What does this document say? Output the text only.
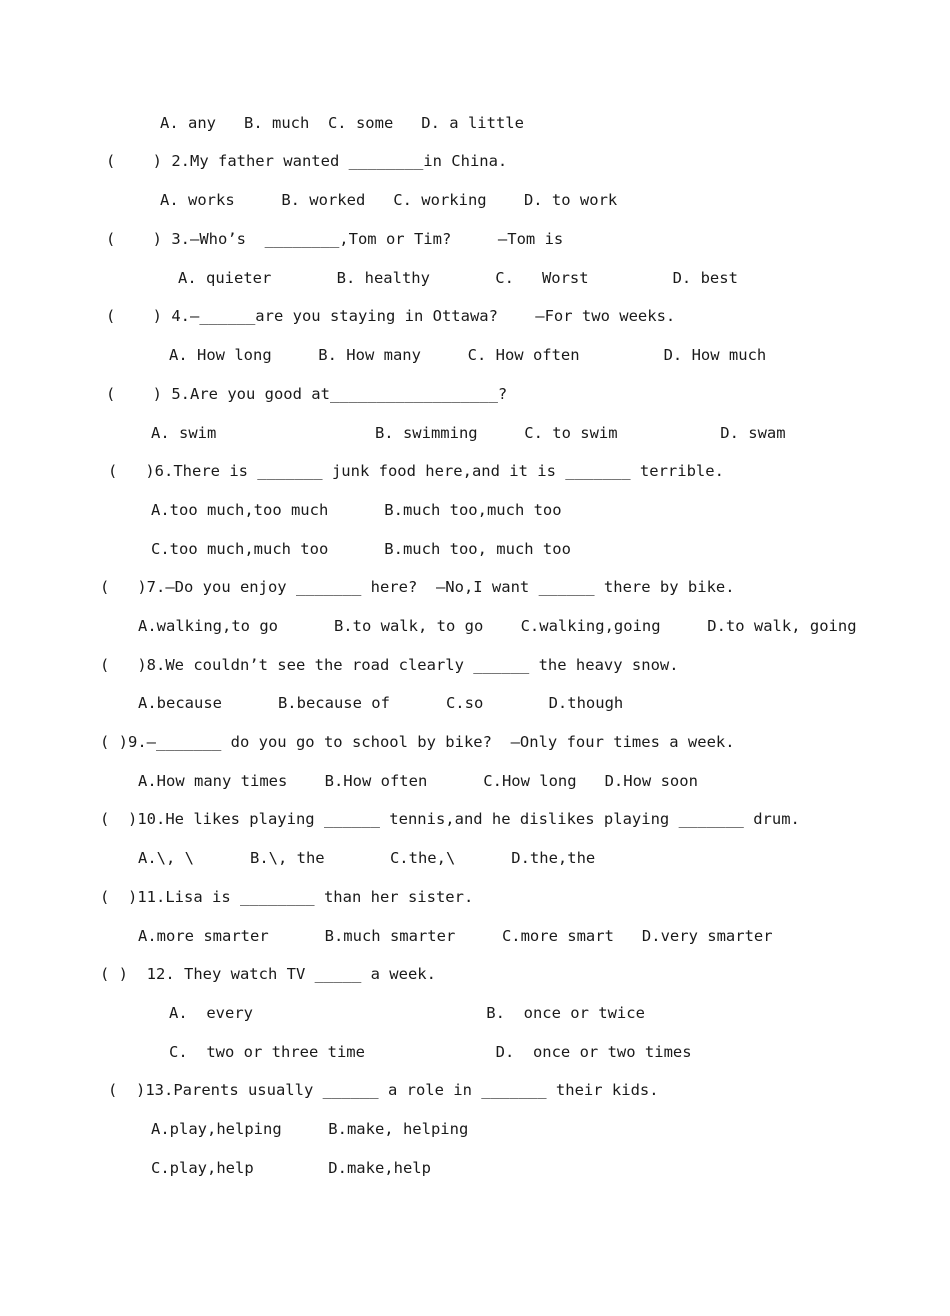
A. any   B. much  C. some   D. a little
(    ) 2.My father wanted ________in China.
A. works     B. worked   C. working    D. to work
(    ) 3.—Who’s  ________,Tom or Tim?     —Tom is
A. quieter       B. healthy       C.   Worst         D. best
(    ) 4.—______are you staying in Ottawa?    —For two weeks.
A. How long     B. How many     C. How often         D. How much
(    ) 5.Are you good at__________________?
A. swim                 B. swimming     C. to swim           D. swam
(   )6.There is _______ junk food here,and it is _______ terrible.
A.too much,too much      B.much too,much too
C.too much,much too      B.much too, much too
(   )7.—Do you enjoy _______ here?  —No,I want ______ there by bike.
A.walking,to go      B.to walk, to go    C.walking,going     D.to walk, going
(   )8.We couldn’t see the road clearly ______ the heavy snow.
A.because      B.because of      C.so       D.though
( )9.—_______ do you go to school by bike?  —Only four times a week.
A.How many times    B.How often      C.How long   D.How soon
(  )10.He likes playing ______ tennis,and he dislikes playing _______ drum.
A.\, \      B.\, the       C.the,\      D.the,the
(  )11.Lisa is ________ than her sister.
A.more smarter      B.much smarter     C.more smart   D.very smarter
( )  12. They watch TV _____ a week.
A.  every                         B.  once or twice
C.  two or three time              D.  once or two times
(  )13.Parents usually ______ a role in _______ their kids.
A.play,helping     B.make, helping
C.play,help        D.make,help
